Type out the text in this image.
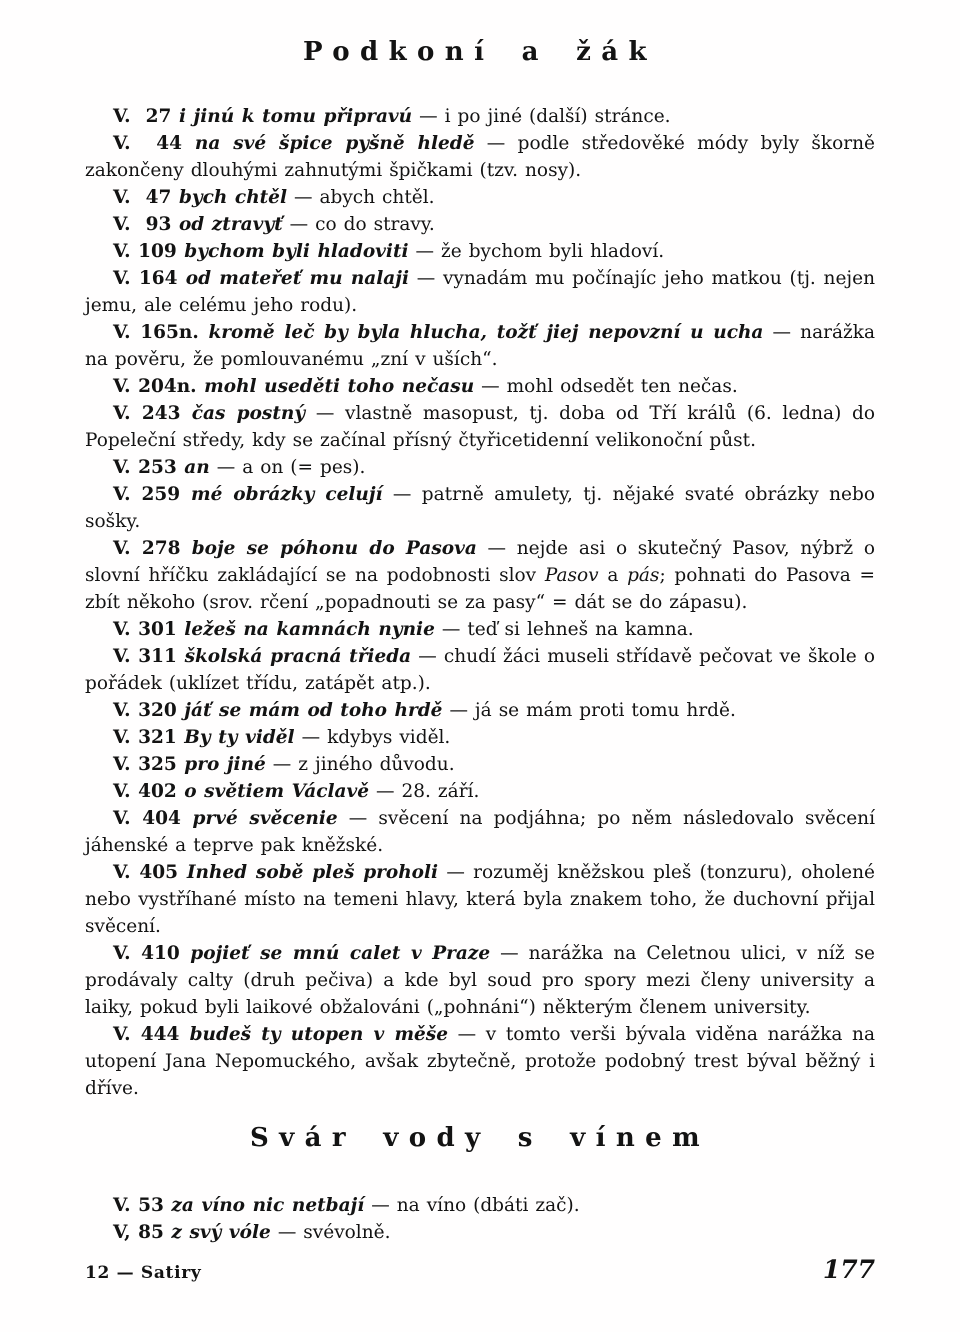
Podkoní a žák

V.  27 i jinú k tomu připravú — i po jiné (další) stránce.

V.  44 na své špice pyšně hledě — podle středověké módy byly škorně zakončeny dlouhými zahnutými špičkami (tzv. nosy).

V.  47 bych chtěl — abych chtěl.

V.  93 od ztravyť — co do stravy.

V. 109 bychom byli hladoviti — že bychom byli hladoví.

V. 164 od mateřeť mu nalaji — vynadám mu počínajíc jeho matkou (tj. nejen jemu, ale celému jeho rodu).

V. 165n. kromě leč by byla hlucha, tožť jiej nepovzní u ucha — narážka na pověru, že pomlouvanému „zní v uších“.

V. 204n. mohl useděti toho nečasu — mohl odsedět ten nečas.

V. 243 čas postný — vlastně masopust, tj. doba od Tří králů (6. ledna) do Popeleční středy, kdy se začínal přísný čtyřicetidenní velikonoční půst.

V. 253 an — a on (= pes).

V. 259 mé obrázky celují — patrně amulety, tj. nějaké svaté obrázky nebo sošky.

V. 278 boje se póhonu do Pasova — nejde asi o skutečný Pasov, nýbrž o slovní hříčku zakládající se na podobnosti slov Pasov a pás; pohnati do Pasova = zbít někoho (srov. rčení „popadnouti se za pasy“ = dát se do zápasu).

V. 301 ležeš na kamnách nynie — teď si lehneš na kamna.

V. 311 školská pracná třieda — chudí žáci museli střídavě pečovat ve škole o pořádek (uklízet třídu, zatápět atp.).

V. 320 jáť se mám od toho hrdě — já se mám proti tomu hrdě.

V. 321 By ty viděl — kdybys viděl.

V. 325 pro jiné — z jiného důvodu.

V. 402 o světiem Václavě — 28. září.

V. 404 prvé svěcenie — svěcení na podjáhna; po něm následovalo svěcení jáhenské a teprve pak kněžské.

V. 405 Inhed sobě pleš proholi — rozuměj kněžskou pleš (tonzuru), oholené nebo vystříhané místo na temeni hlavy, která byla znakem toho, že duchovní přijal svěcení.

V. 410 pojieť se mnú calet v Praze — narážka na Celetnou ulici, v níž se prodávaly calty (druh pečiva) a kde byl soud pro spory mezi členy university a laiky, pokud byli laikové obžalováni („pohnáni“) některým členem university.

V. 444 budeš ty utopen v měše — v tomto verši bývala viděna narážka na utopení Jana Nepomuckého, avšak zbytečně, protože podobný trest býval běžný i dříve.

Svár vody s vínem

V. 53 za víno nic netbají — na víno (dbáti zač).

V, 85 z svý vóle — svévolně.

12 — Satiry	177
